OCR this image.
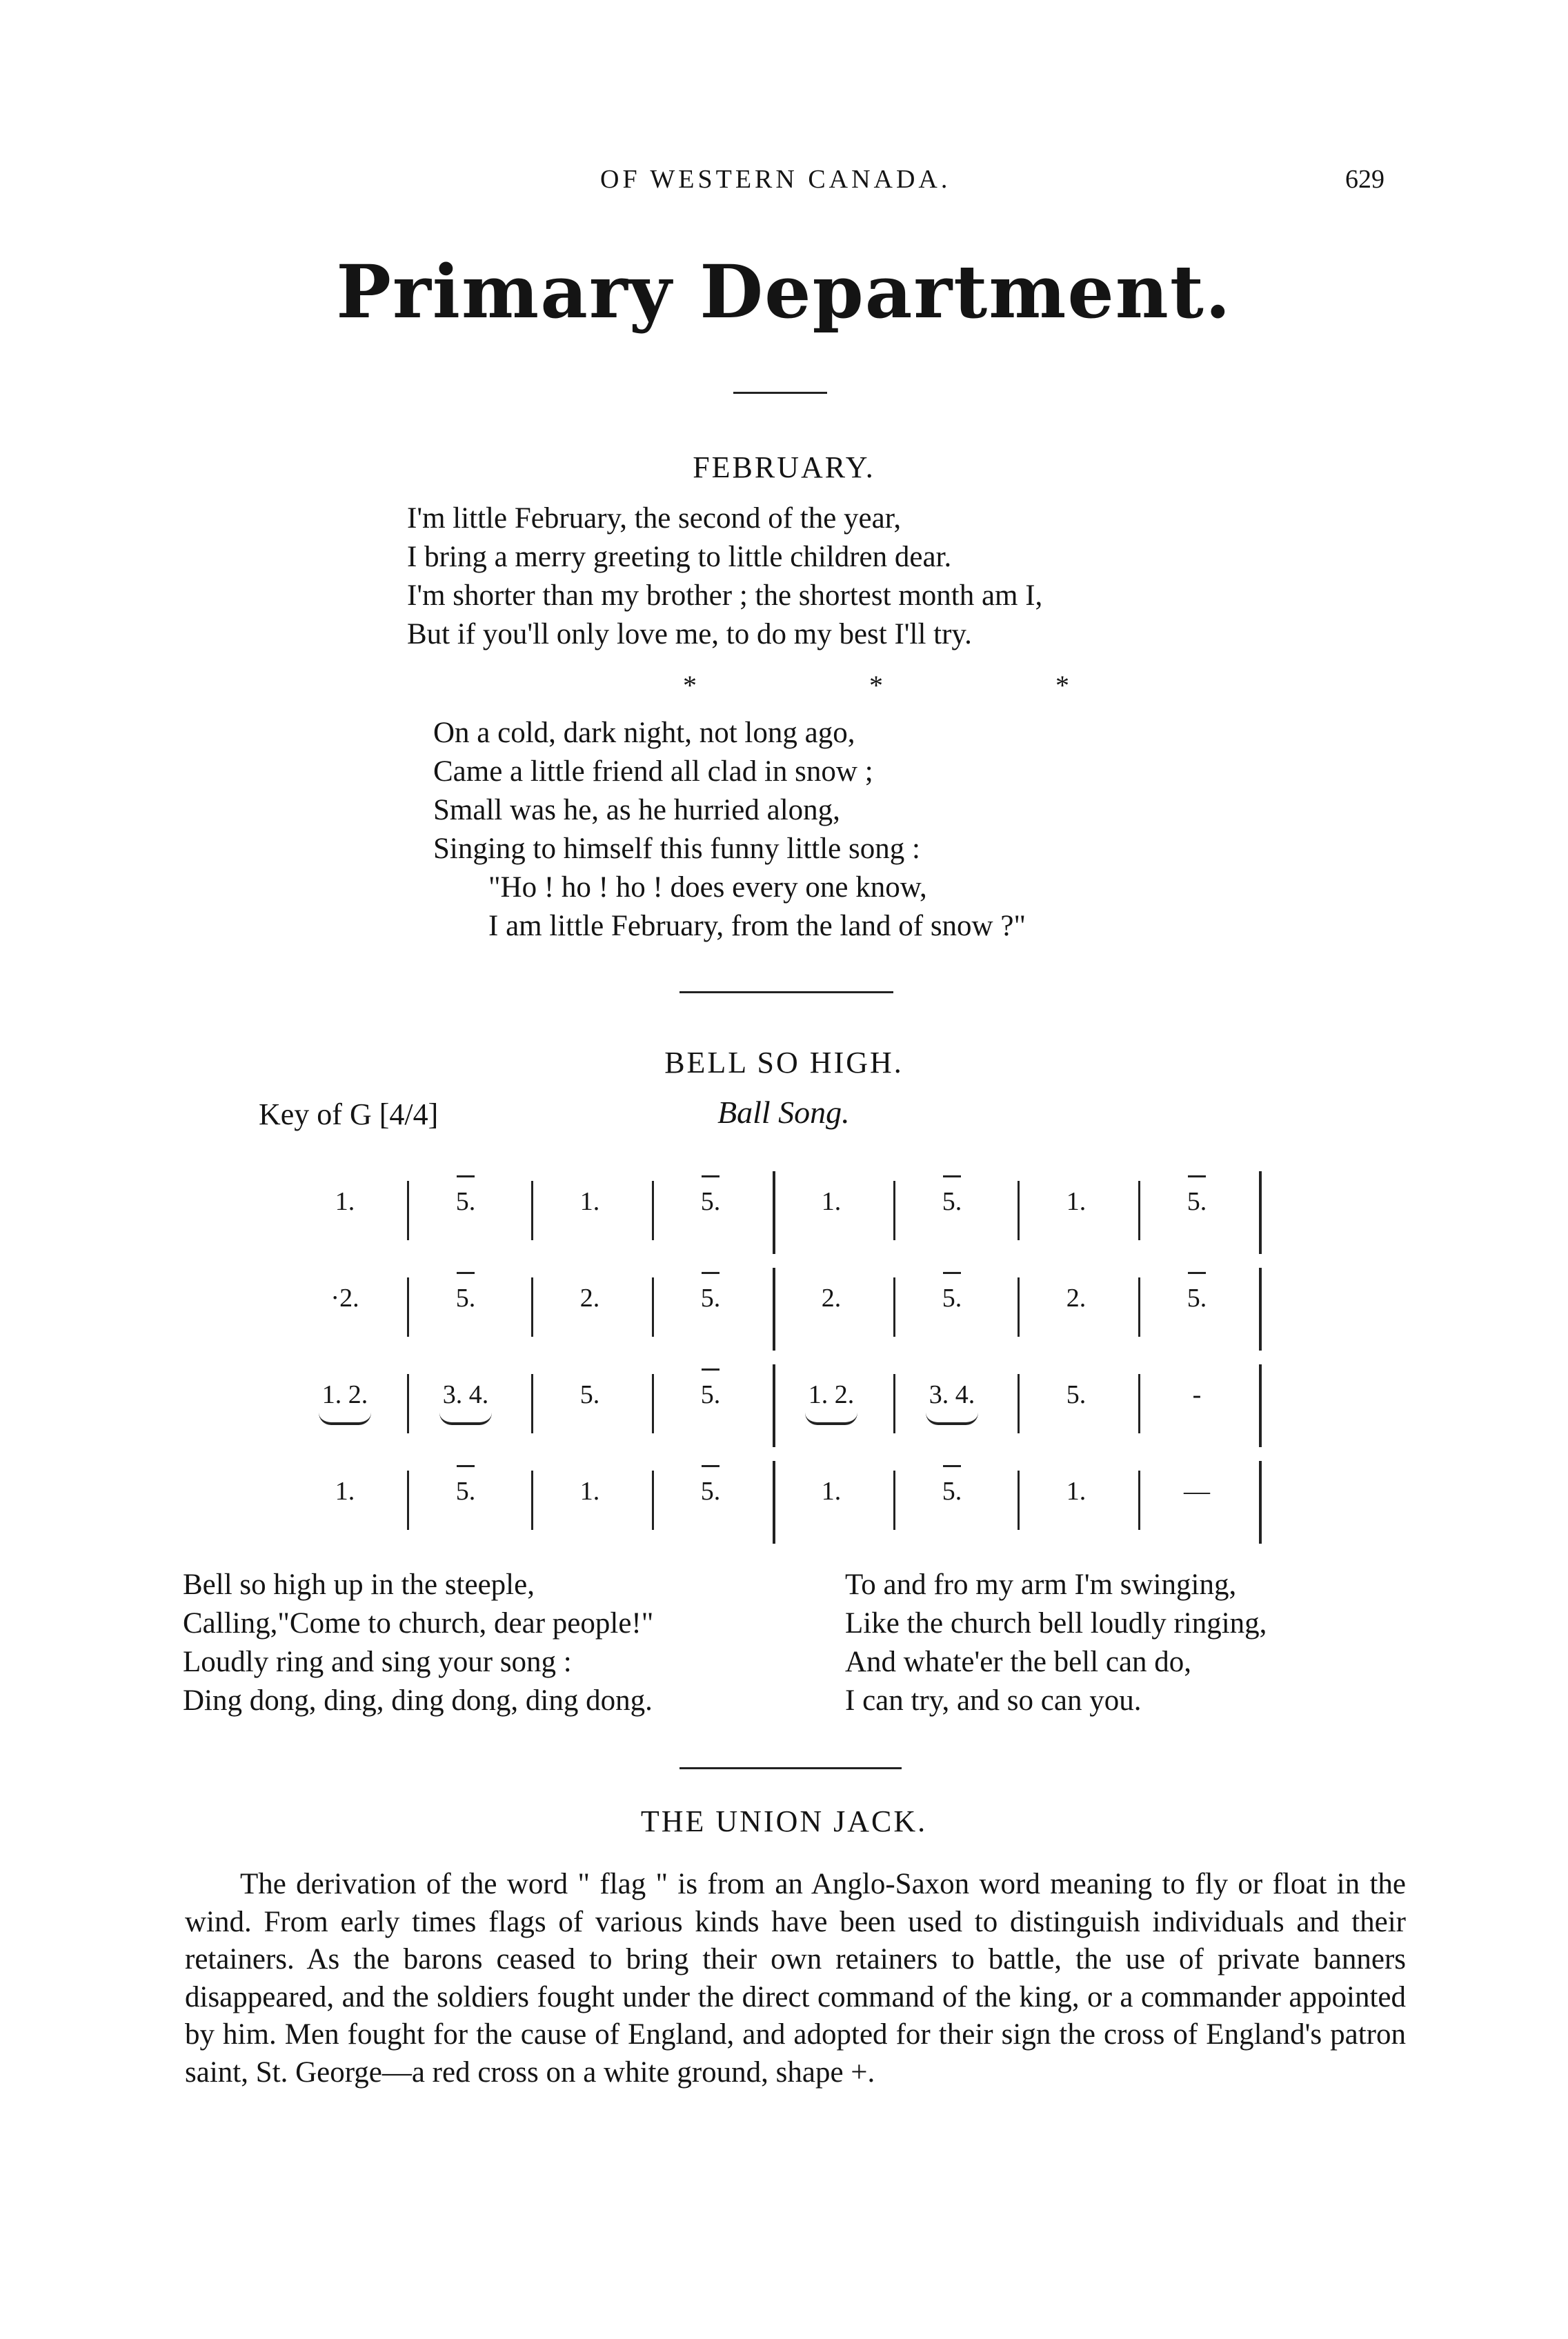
OF WESTERN CANADA.	629
Primary Department.
FEBRUARY.
I'm little February, the second of the year,
I bring a merry greeting to little children dear.
I'm shorter than my brother ; the shortest month am I,
But if you'll only love me, to do my best I'll try.
* * *
On a cold, dark night, not long ago,
Came a little friend all clad in snow ;
Small was he, as he hurried along,
Singing to himself this funny little song :
"Ho ! ho ! ho ! does every one know,
I am little February, from the land of snow ?"
BELL SO HIGH.
Key of G [4/4]	Ball Song.
1.	5.	1.	5.	1.	5.	1.	5.
·2.	5.	2.	5.	2.	5.	2.	5.
1. 2.	3. 4.	5.	5.	1. 2.	3. 4.	5.	-
1.	5.	1.	5.	1.	5.	1.	—
Bell so high up in the steeple,
Calling,"Come to church, dear people!"
Loudly ring and sing your song :
Ding dong, ding, ding dong, ding dong.
To and fro my arm I'm swinging,
Like the church bell loudly ringing,
And whate'er the bell can do,
I can try, and so can you.
THE UNION JACK.
The derivation of the word " flag " is from an Anglo-Saxon word meaning to fly or float in the wind. From early times flags of various kinds have been used to distinguish individuals and their retainers. As the barons ceased to bring their own retainers to battle, the use of private banners disappeared, and the soldiers fought under the direct command of the king, or a commander appointed by him. Men fought for the cause of England, and adopted for their sign the cross of England's patron saint, St. George—a red cross on a white ground, shape +.
